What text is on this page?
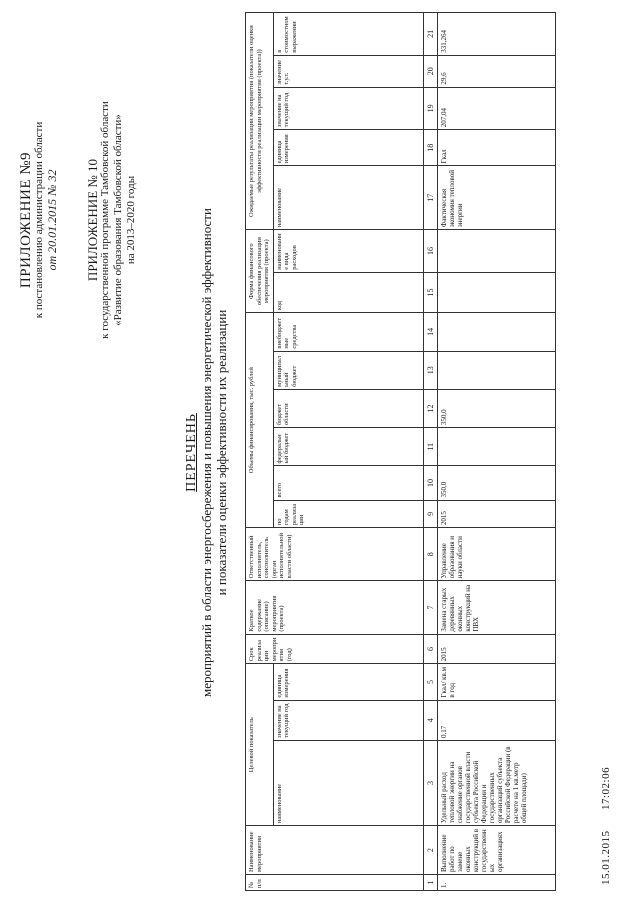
ПРИЛОЖЕНИЕ №9 к постановлению администрации области от 20.01.2015 № 32 ПРИЛОЖЕНИЕ № 10 к государственной программе Тамбовской области «Развитие образования Тамбовской области» на 2013–2020 годы
ПЕРЕЧЕНЬ мероприятий в области энергосбережения и повышения энергетической эффективности и показатели оценки эффективности их реализации
№ п/п	Наименование мероприятия	Целевой показатель			Срок реализации мероприятия (год)	Краткое содержание (описание) мероприятия (проекта)	Ответственный исполнитель, соисполнитель (орган исполнительной власти области)	Объемы финансирования, тыс. рублей						Форма финансового обеспечения реализации мероприятия (проекта)		Ожидаемые результаты реализации мероприятия (показатели оценки эффективности реализации мероприятия (проекта))				
		наименование	значение на текущий год	единица измерения				по годам реализации	всего	федеральный бюджет	бюджет области	муниципальный бюджет	внебюджетные средства	код	наименование вида расходов	наименование	единица измерения	значение на текущий год	значение т.у.т.	в стоимостном выражении
1	2	3	4	5	6	7	8	9	10	11	12	13	14	15	16	17	18	19	20	21
1.	Выполнение работ по замене оконных конструкций в государственных организациях	Удельный расход тепловой энергии на снабжение органов государственной власти субъекта Российской Федерации и государственных организаций субъекта Российской Федерации (в расчете на 1 кв.метр общей площади)	0,17	Гкал/ кв.м в год	2015	Замена старых деревянных оконных конструкций на ПВХ	Управление образования и науки области	2015	350,0		350,0					Фактическая экономия тепловой энергии	Гкал	207,04	29,6	331,264
15.01.2015  17:02:06
